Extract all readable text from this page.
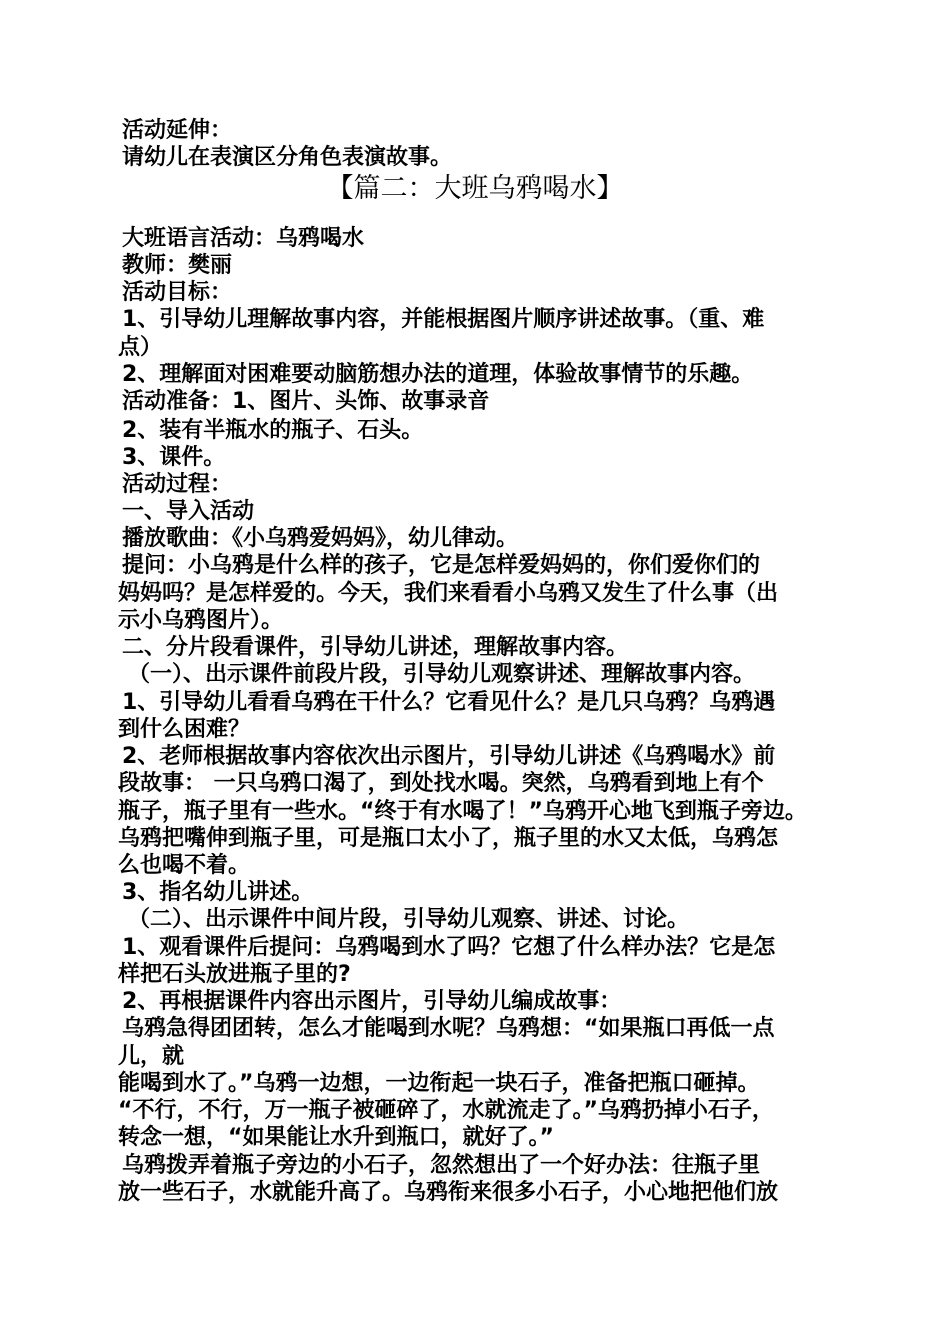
活动延伸：
请幼儿在表演区分角色表演故事。
【篇二：大班乌鸦喝水】
大班语言活动：乌鸦喝水
教师：樊丽
活动目标：
1、引导幼儿理解故事内容，并能根据图片顺序讲述故事。（重、难
点）
2、理解面对困难要动脑筋想办法的道理，体验故事情节的乐趣。
活动准备：1、图片、头饰、故事录音
2、装有半瓶水的瓶子、石头。
3、课件。
活动过程：
一、导入活动
播放歌曲：《小乌鸦爱妈妈》，幼儿律动。
提问：小乌鸦是什么样的孩子，它是怎样爱妈妈的，你们爱你们的
妈妈吗？是怎样爱的。今天，我们来看看小乌鸦又发生了什么事（出
示小乌鸦图片）。
二、分片段看课件，引导幼儿讲述，理解故事内容。
（一）、出示课件前段片段，引导幼儿观察讲述、理解故事内容。
1、引导幼儿看看乌鸦在干什么？它看见什么？是几只乌鸦？乌鸦遇
到什么困难？
2、老师根据故事内容依次出示图片，引导幼儿讲述《乌鸦喝水》前
段故事： 一只乌鸦口渴了，到处找水喝。突然，乌鸦看到地上有个
瓶子，瓶子里有一些水。“终于有水喝了！”乌鸦开心地飞到瓶子旁边。
乌鸦把嘴伸到瓶子里，可是瓶口太小了，瓶子里的水又太低，乌鸦怎
么也喝不着。
3、指名幼儿讲述。
（二）、出示课件中间片段，引导幼儿观察、讲述、讨论。
1、观看课件后提问：乌鸦喝到水了吗？它想了什么样办法？它是怎
样把石头放进瓶子里的?
2、再根据课件内容出示图片，引导幼儿编成故事：
乌鸦急得团团转，怎么才能喝到水呢？乌鸦想：“如果瓶口再低一点
儿，就
能喝到水了。”乌鸦一边想，一边衔起一块石子，准备把瓶口砸掉。
“不行，不行，万一瓶子被砸碎了，水就流走了。”乌鸦扔掉小石子，
转念一想，“如果能让水升到瓶口，就好了。”
乌鸦拨弄着瓶子旁边的小石子，忽然想出了一个好办法：往瓶子里
放一些石子，水就能升高了。乌鸦衔来很多小石子，小心地把他们放
